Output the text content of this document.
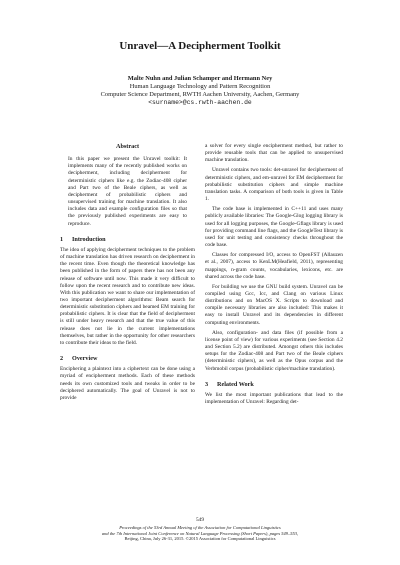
Unravel—A Decipherment Toolkit
Malte Nuhn and Julian Schamper and Hermann Ney
Human Language Technology and Pattern Recognition
Computer Science Department, RWTH Aachen University, Aachen, Germany
<surname>@cs.rwth-aachen.de
Abstract

In this paper we present the Unravel toolkit: It implements many of the recently published works on decipherment, including decipherment for deterministic ciphers like e.g. the Zodiac-408 cipher and Part two of the Beale ciphers, as well as decipherment of probabilistic ciphers and unsupervised training for machine translation. It also includes data and example configuration files so that the previously published experiments are easy to reproduce.

1 Introduction

The idea of applying decipherment techniques to the problem of machine translation has driven research on decipherment in the recent time. Even though the theoretical knowledge has been published in the form of papers there has not been any release of software until now. This made it very difficult to follow upon the recent research and to contribute new ideas. With this publication we want to share our implementation of two important decipherment algorithms: Beam search for deterministic substitution ciphers and beamed EM training for probabilistic ciphers. It is clear that the field of decipherment is still under heavy research and that the true value of this release does not lie in the current implementations themselves, but rather in the opportunity for other researchers to contribute their ideas to the field.

2 Overview

Enciphering a plaintext into a ciphertext can be done using a myriad of encipherment methods. Each of these methods needs its own customized tools and tweaks in order to be deciphered automatically. The goal of Unravel is not to provide

a solver for every single encipherment method, but rather to provide reusable tools that can be applied to unsupervised machine translation.

Unravel contains two tools: det-unravel for decipherment of deterministic ciphers, and em-unravel for EM decipherment for probabilistic substitution ciphers and simple machine translation tasks. A comparison of both tools is given in Table 1.

The code base is implemented in C++11 and uses many publicly available libraries: The Google-Glog logging library is used for all logging purposes, the Google-Gflags library is used for providing command line flags, and the GoogleTest library is used for unit testing and consistency checks throughout the code base.

Classes for compressed I/O, access to OpenFST (Allauzen et al., 2007), access to KenLM(Heafield, 2011), representing mappings, n-gram counts, vocabularies, lexicons, etc. are shared across the code base.

For building we use the GNU build system. Unravel can be compiled using Gcc, Icc, and Clang on various Linux distributions and on MacOS X. Scripts to download and compile necessary libraries are also included: This makes it easy to install Unravel and its dependencies in different computing environments.

Also, configuration- and data files (if possible from a license point of view) for various experiments (see Section 4.2 and Section 5.2) are distributed. Amongst others this includes setups for the Zodiac-408 and Part two of the Beale ciphers (deterministic ciphers), as well as the Opus corpus and the Verbmobil corpus (probabilistic cipher/machine translation).

3 Related Work

We list the most important publications that lead to the implementation of Unravel: Regarding det-

549
Proceedings of the 53rd Annual Meeting of the Association for Computational Linguistics
and the 7th International Joint Conference on Natural Language Processing (Short Papers), pages 549–553,
Beijing, China, July 26-31, 2015. ©2015 Association for Computational Linguistics
